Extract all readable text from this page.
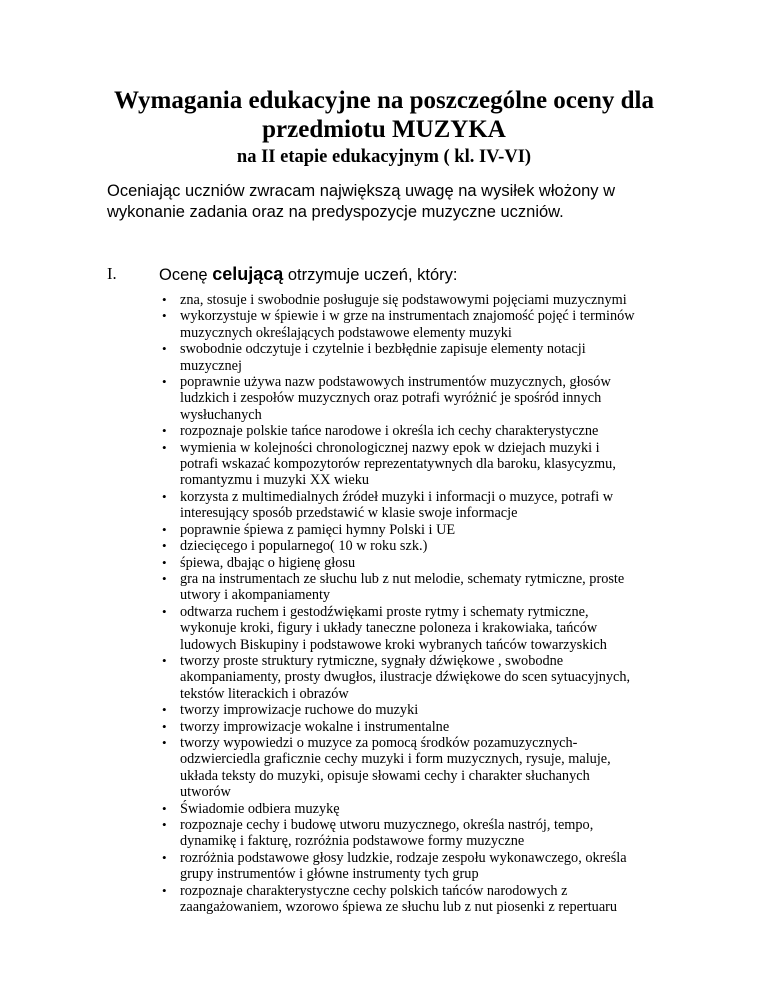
Wymagania edukacyjne na poszczególne oceny dla
przedmiotu MUZYKA
na II etapie edukacyjnym ( kl. IV-VI)
Oceniając uczniów zwracam największą uwagę na wysiłek włożony w
wykonanie zadania oraz na predyspozycje muzyczne uczniów.
I.	Ocenę celującą otrzymuje uczeń, który:
• zna, stosuje i swobodnie posługuje się podstawowymi pojęciami muzycznymi
• wykorzystuje w śpiewie i w grze na instrumentach znajomość pojęć i terminów
muzycznych określających podstawowe elementy muzyki
• swobodnie odczytuje i czytelnie i bezbłędnie zapisuje elementy notacji
muzycznej
• poprawnie używa nazw podstawowych instrumentów muzycznych, głosów
ludzkich i zespołów muzycznych oraz potrafi wyróżnić je spośród innych
wysłuchanych
• rozpoznaje polskie tańce narodowe i określa ich cechy charakterystyczne
• wymienia w kolejności chronologicznej nazwy epok w dziejach muzyki i
potrafi wskazać kompozytorów reprezentatywnych dla baroku, klasycyzmu,
romantyzmu i muzyki XX wieku
• korzysta z multimedialnych źródeł muzyki i informacji o muzyce, potrafi w
interesujący sposób przedstawić w klasie swoje informacje
• poprawnie śpiewa z pamięci hymny Polski i UE
• dziecięcego i popularnego( 10 w roku szk.)
• śpiewa, dbając o higienę głosu
• gra na instrumentach ze słuchu lub z nut melodie, schematy rytmiczne, proste
utwory i akompaniamenty
• odtwarza ruchem i gestodźwiękami proste rytmy i schematy rytmiczne,
wykonuje kroki, figury i układy taneczne poloneza i krakowiaka, tańców
ludowych Biskupiny i podstawowe kroki wybranych tańców towarzyskich
• tworzy proste struktury rytmiczne, sygnały dźwiękowe , swobodne
akompaniamenty, prosty dwugłos, ilustracje dźwiękowe do scen sytuacyjnych,
tekstów literackich i obrazów
• tworzy improwizacje ruchowe do muzyki
• tworzy improwizacje wokalne i instrumentalne
• tworzy wypowiedzi o muzyce za pomocą środków pozamuzycznych-
odzwierciedla graficznie cechy muzyki i form muzycznych, rysuje, maluje,
układa teksty do muzyki, opisuje słowami cechy i charakter słuchanych
utworów
• Świadomie odbiera muzykę
• rozpoznaje cechy i budowę utworu muzycznego, określa nastrój, tempo,
dynamikę i fakturę, rozróżnia podstawowe formy muzyczne
• rozróżnia podstawowe głosy ludzkie, rodzaje zespołu wykonawczego, określa
grupy instrumentów i główne instrumenty tych grup
• rozpoznaje charakterystyczne cechy polskich tańców narodowych z
zaangażowaniem, wzorowo śpiewa ze słuchu lub z nut piosenki z repertuaru
